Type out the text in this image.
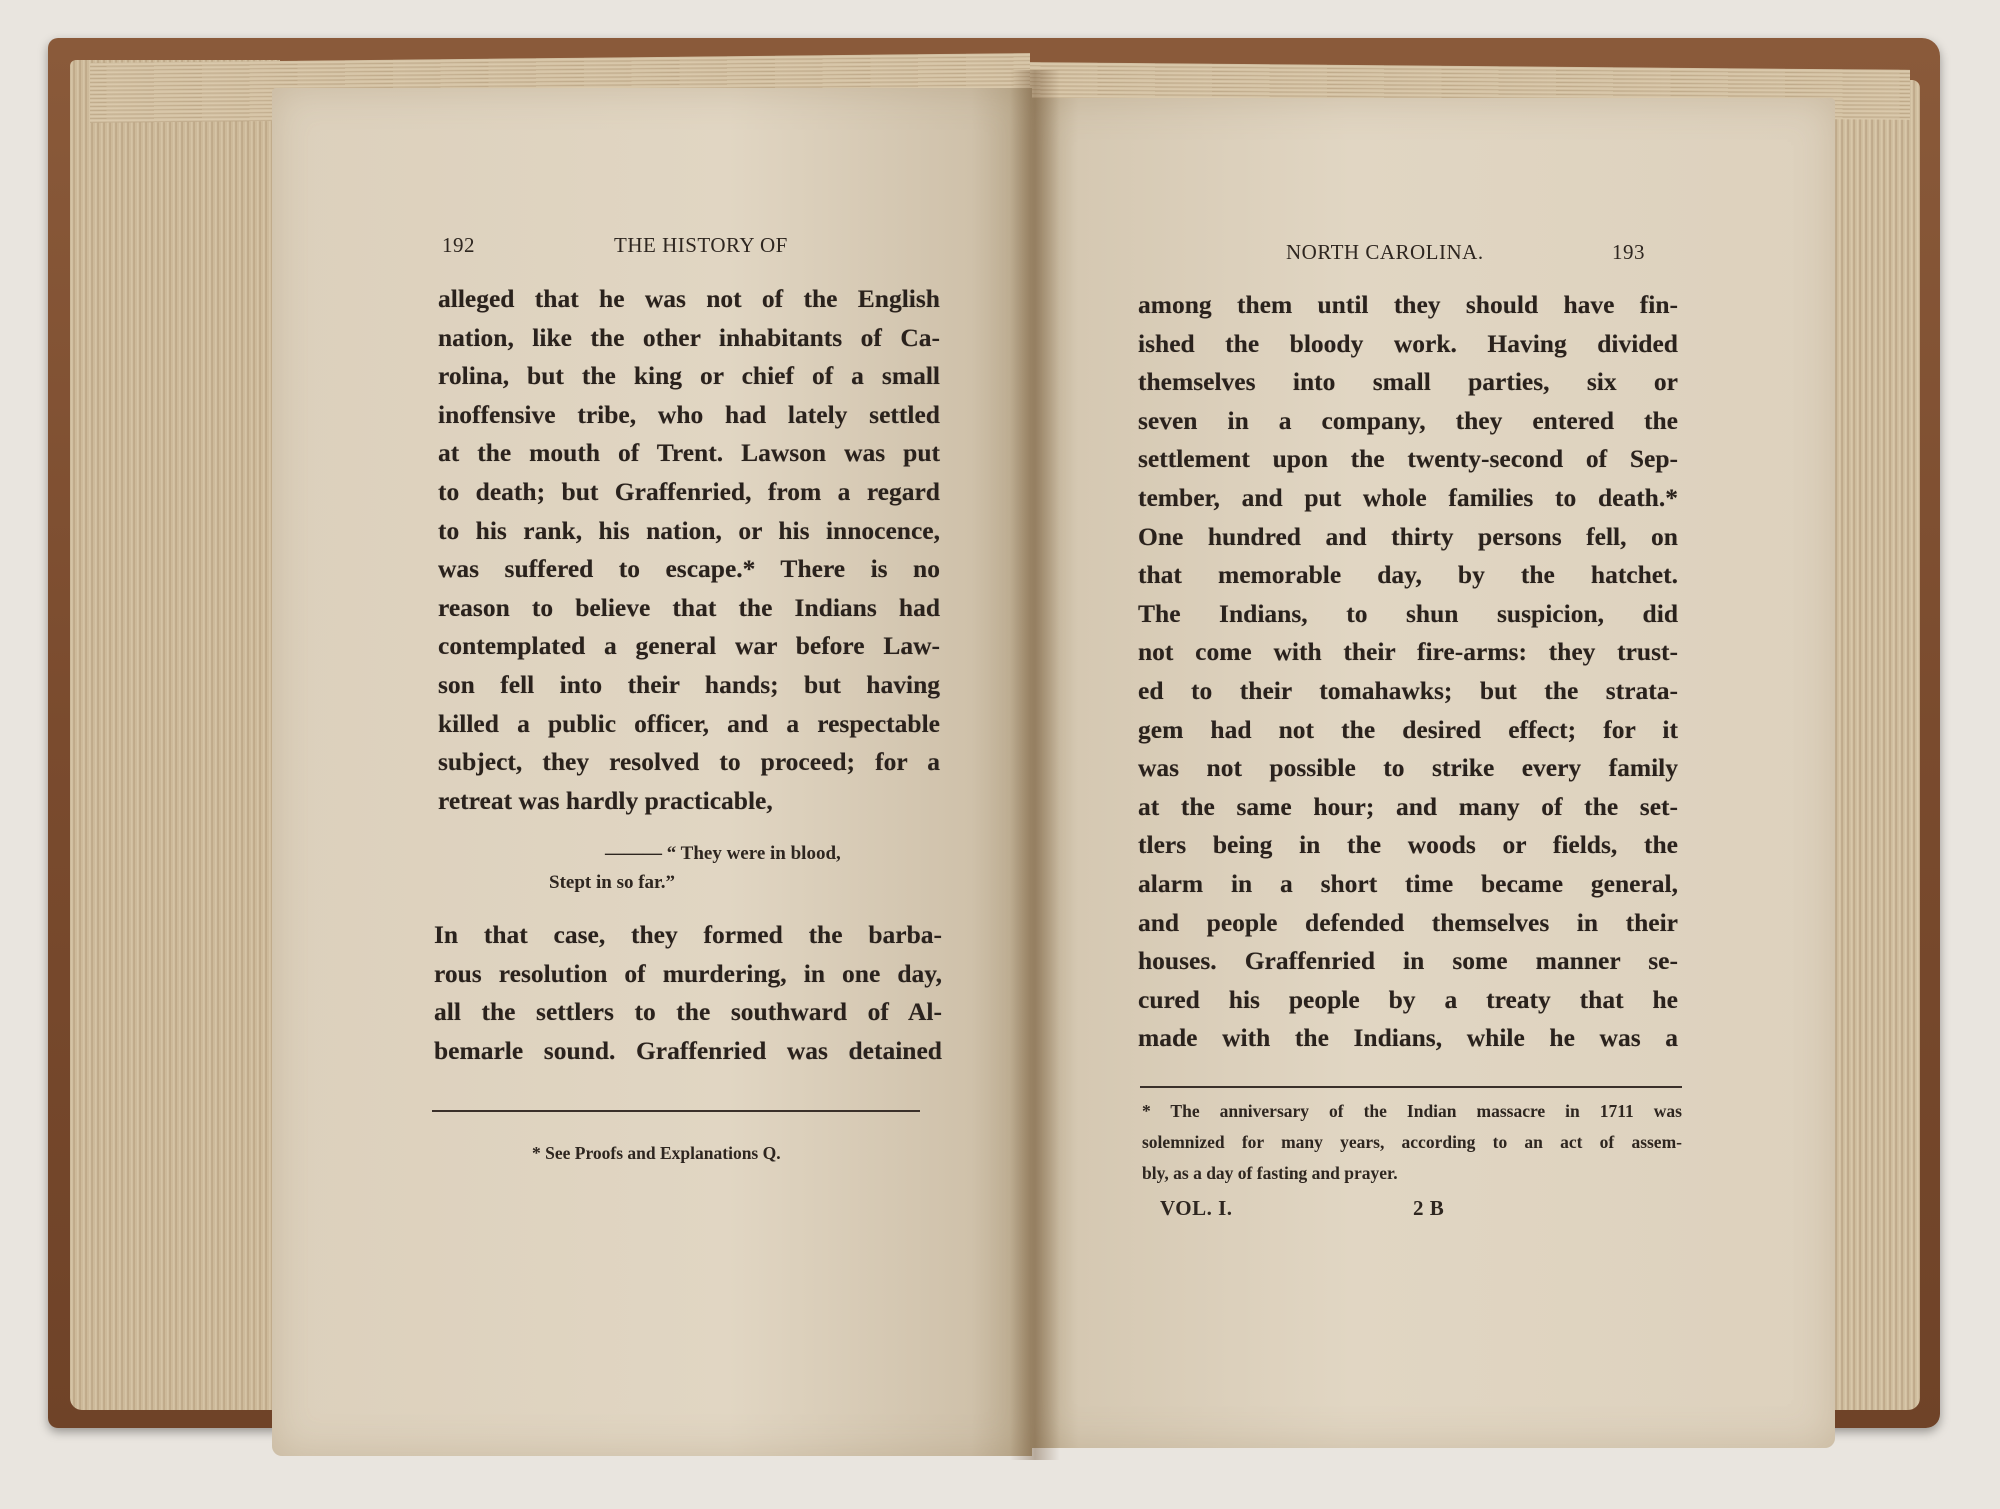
192	THE HISTORY OF
alleged that he was not of the English
nation, like the other inhabitants of Ca-
rolina, but the king or chief of a small
inoffensive tribe, who had lately settled
at the mouth of Trent. Lawson was put
to death; but Graffenried, from a regard
to his rank, his nation, or his innocence,
was suffered to escape.* There is no
reason to believe that the Indians had
contemplated a general war before Law-
son fell into their hands; but having
killed a public officer, and a respectable
subject, they resolved to proceed; for a
retreat was hardly practicable,
——— “ They were in blood,
Stept in so far.”
In that case, they formed the barba-
rous resolution of murdering, in one day,
all the settlers to the southward of Al-
bemarle sound. Graffenried was detained
* See Proofs and Explanations Q.
NORTH CAROLINA.	193
among them until they should have fin-
ished the bloody work. Having divided
themselves into small parties, six or
seven in a company, they entered the
settlement upon the twenty-second of Sep-
tember, and put whole families to death.*
One hundred and thirty persons fell, on
that memorable day, by the hatchet.
The Indians, to shun suspicion, did
not come with their fire-arms: they trust-
ed to their tomahawks; but the strata-
gem had not the desired effect; for it
was not possible to strike every family
at the same hour; and many of the set-
tlers being in the woods or fields, the
alarm in a short time became general,
and people defended themselves in their
houses. Graffenried in some manner se-
cured his people by a treaty that he
made with the Indians, while he was a
* The anniversary of the Indian massacre in 1711 was
solemnized for many years, according to an act of assem-
bly, as a day of fasting and prayer.
VOL. I.	2 B
